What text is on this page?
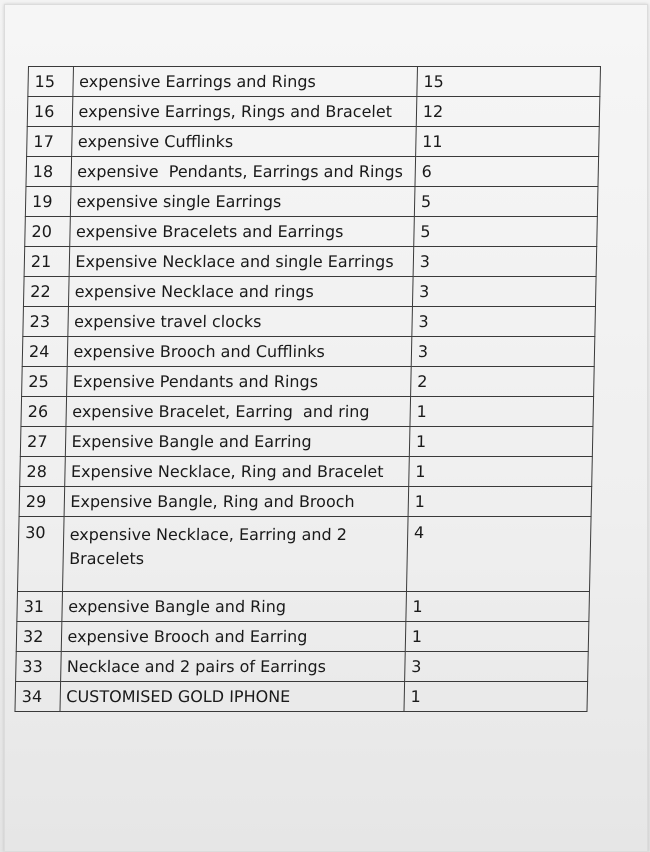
15	expensive Earrings and Rings	15
16	expensive Earrings, Rings and Bracelet	12
17	expensive Cufflinks	11
18	expensive  Pendants, Earrings and Rings	6
19	expensive single Earrings	5
20	expensive Bracelets and Earrings	5
21	Expensive Necklace and single Earrings	3
22	expensive Necklace and rings	3
23	expensive travel clocks	3
24	expensive Brooch and Cufflinks	3
25	Expensive Pendants and Rings	2
26	expensive Bracelet, Earring  and ring	1
27	Expensive Bangle and Earring	1
28	Expensive Necklace, Ring and Bracelet	1
29	Expensive Bangle, Ring and Brooch	1
30	expensive Necklace, Earring and 2 Bracelets	4
31	expensive Bangle and Ring	1
32	expensive Brooch and Earring	1
33	Necklace and 2 pairs of Earrings	3
34	CUSTOMISED GOLD IPHONE	1
